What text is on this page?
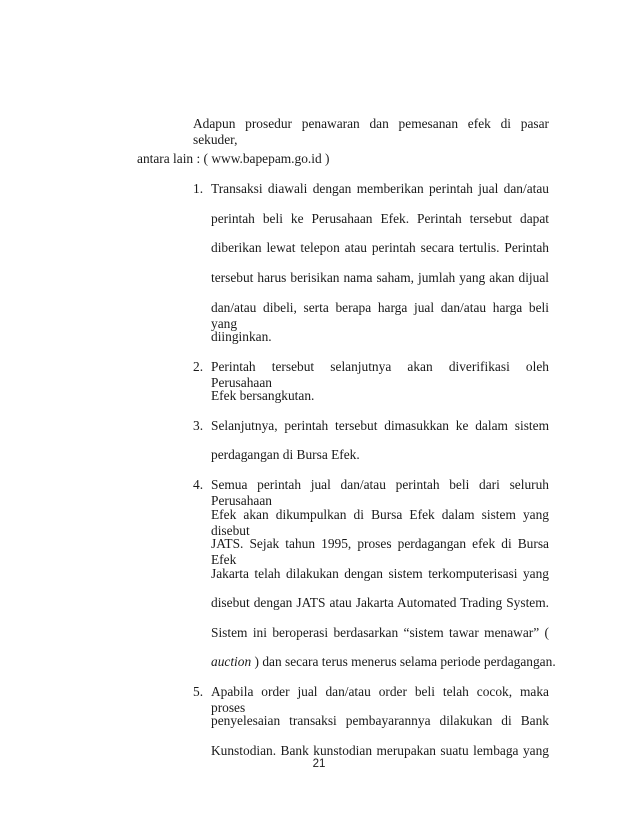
Adapun prosedur penawaran dan pemesanan efek di pasar sekuder,

antara lain : ( www.bapepam.go.id )

1. Transaksi diawali dengan memberikan perintah jual dan/atau

perintah beli ke Perusahaan Efek. Perintah tersebut dapat

diberikan lewat telepon atau perintah secara tertulis. Perintah

tersebut harus berisikan nama saham, jumlah yang akan dijual

dan/atau dibeli, serta berapa harga jual dan/atau harga beli yang

diinginkan.

2. Perintah tersebut selanjutnya akan diverifikasi oleh Perusahaan

Efek bersangkutan.

3. Selanjutnya, perintah tersebut dimasukkan ke dalam sistem

perdagangan di Bursa Efek.

4. Semua perintah jual dan/atau perintah beli dari seluruh Perusahaan

Efek akan dikumpulkan di Bursa Efek dalam sistem yang disebut

JATS. Sejak tahun 1995, proses perdagangan efek di Bursa Efek

Jakarta telah dilakukan dengan sistem terkomputerisasi yang

disebut dengan JATS atau Jakarta Automated Trading System.

Sistem ini beroperasi berdasarkan “sistem tawar menawar” (

auction ) dan secara terus menerus selama periode perdagangan.

5. Apabila order jual dan/atau order beli telah cocok, maka proses

penyelesaian transaksi pembayarannya dilakukan di Bank

Kunstodian. Bank kunstodian merupakan suatu lembaga yang

21
